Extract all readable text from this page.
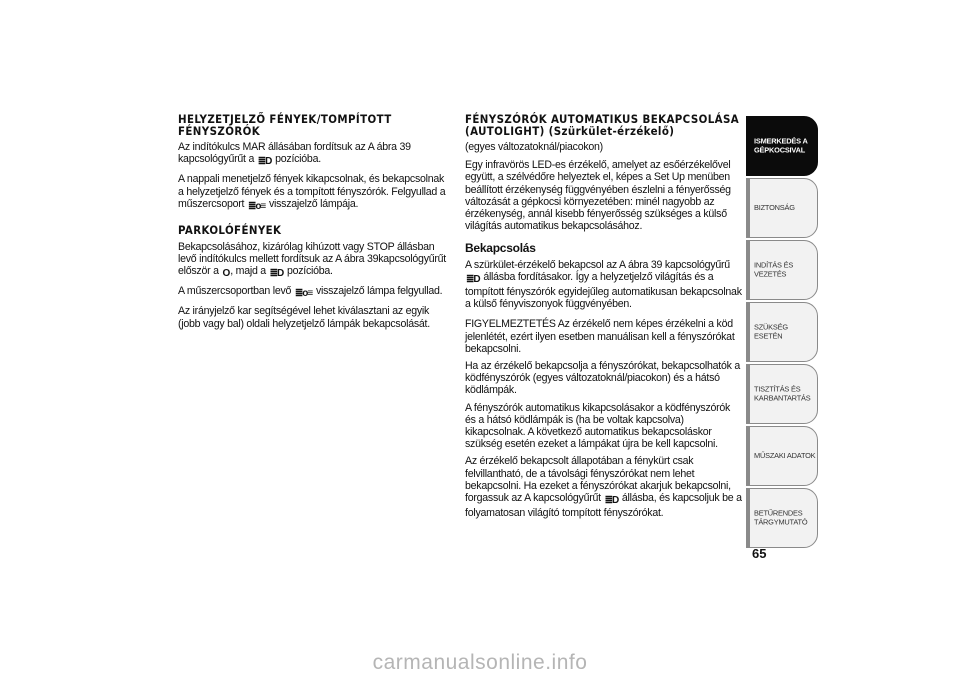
HELYZETJELZŐ FÉNYEK/TOMPÍTOTT FÉNYSZÓRÓK

Az indítókulcs MAR állásában fordítsuk az A ábra 39 kapcsológyűrűt a ≣D pozícióba.

A nappali menetjelző fények kikapcsolnak, és bekapcsolnak a helyzetjelző fények és a tompított fényszórók. Felgyullad a műszercsoport ≣o≡ visszajelző lámpája.

PARKOLÓFÉNYEK

Bekapcsolásához, kizárólag kihúzott vagy STOP állásban levő indítókulcs mellett fordítsuk az A ábra 39kapcsológyűrűt először a O, majd a ≣D pozícióba.

A műszercsoportban levő ≣o≡ visszajelző lámpa felgyullad.

Az irányjelző kar segítségével lehet kiválasztani az egyik (jobb vagy bal) oldali helyzetjelző lámpák bekapcsolását.

FÉNYSZÓRÓK AUTOMATIKUS BEKAPCSOLÁSA (AUTOLIGHT) (Szürkület-érzékelő)

(egyes változatoknál/piacokon)

Egy infravörös LED-es érzékelő, amelyet az esőérzékelővel együtt, a szélvédőre helyeztek el, képes a Set Up menüben beállított érzékenység függvényében észlelni a fényerősség változását a gépkocsi környezetében: minél nagyobb az érzékenység, annál kisebb fényerősség szükséges a külső világítás automatikus bekapcsolásához.

Bekapcsolás

A szürkület-érzékelő bekapcsol az A ábra 39 kapcsológyűrű ≣D állásba fordításakor. Így a helyzetjelző világítás és a tompított fényszórók egyidejűleg automatikusan bekapcsolnak a külső fényviszonyok függvényében.

FIGYELMEZTETÉS Az érzékelő nem képes érzékelni a köd jelenlétét, ezért ilyen esetben manuálisan kell a fényszórókat bekapcsolni.

Ha az érzékelő bekapcsolja a fényszórókat, bekapcsolhatók a ködfényszórók (egyes változatoknál/piacokon) és a hátsó ködlámpák.

A fényszórók automatikus kikapcsolásakor a ködfényszórók és a hátsó ködlámpák is (ha be voltak kapcsolva) kikapcsolnak. A következő automatikus bekapcsoláskor szükség esetén ezeket a lámpákat újra be kell kapcsolni.

Az érzékelő bekapcsolt állapotában a fénykürt csak felvillantható, de a távolsági fényszórókat nem lehet bekapcsolni. Ha ezeket a fényszórókat akarjuk bekapcsolni, forgassuk az A kapcsológyűrűt ≣D állásba, és kapcsoljuk be a folyamatosan világító tompított fényszórókat.

ISMERKEDÉS A GÉPKOCSIVAL
BIZTONSÁG
INDÍTÁS ÉS VEZETÉS
SZÜKSÉG ESETÉN
TISZTÍTÁS ÉS KARBANTARTÁS
MŰSZAKI ADATOK
BETŰRENDES TÁRGYMUTATÓ
65
carmanualsonline.info
